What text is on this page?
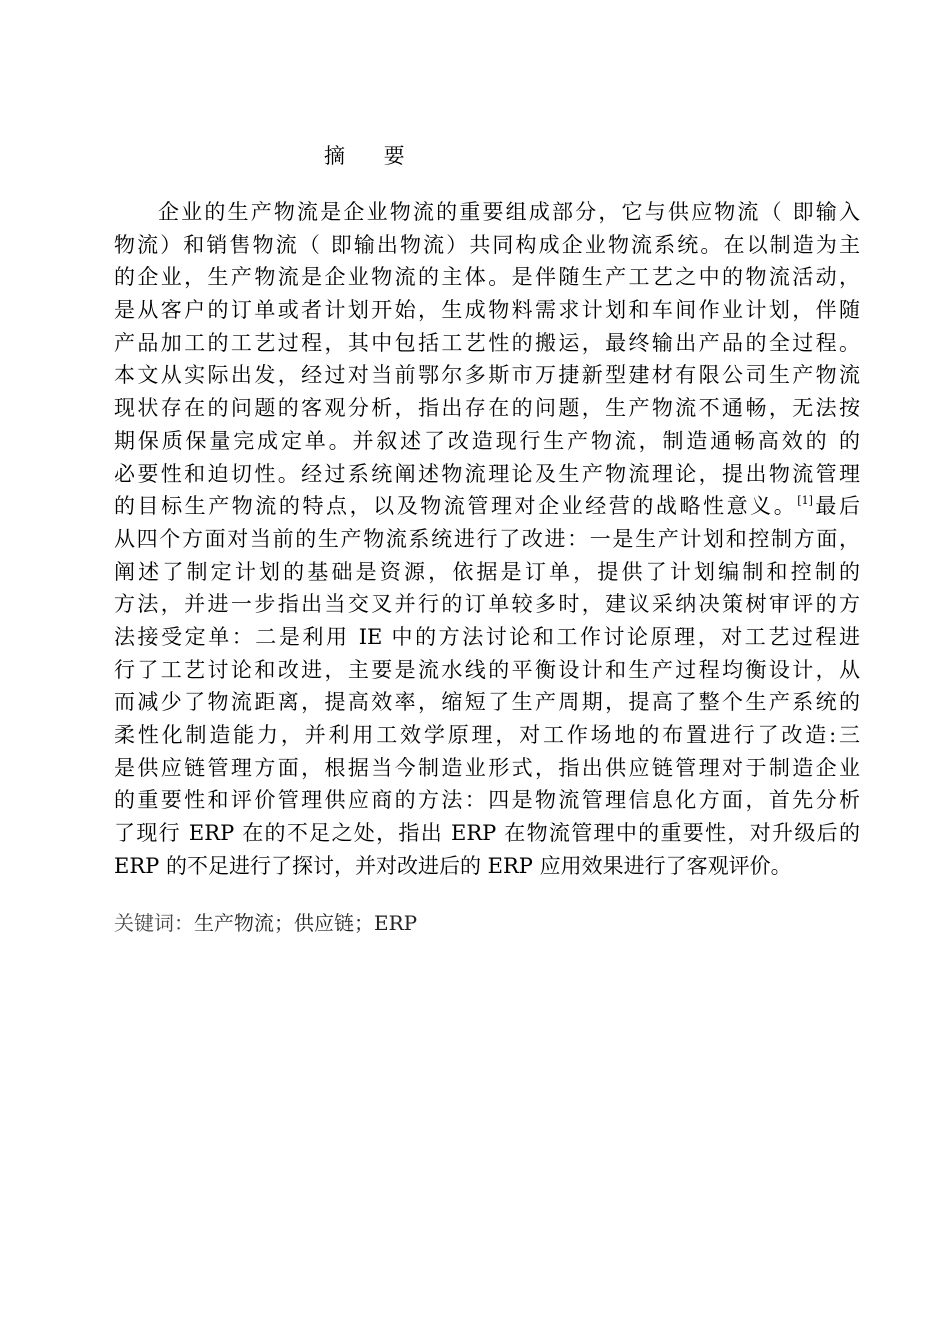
摘 要
企业的生产物流是企业物流的重要组成部分，它与供应物流（ 即输入
物流）和销售物流（ 即输出物流）共同构成企业物流系统。在以制造为主
的企业，生产物流是企业物流的主体。是伴随生产工艺之中的物流活动，
是从客户的订单或者计划开始，生成物料需求计划和车间作业计划，伴随
产品加工的工艺过程，其中包括工艺性的搬运，最终输出产品的全过程。
本文从实际出发，经过对当前鄂尔多斯市万捷新型建材有限公司生产物流
现状存在的问题的客观分析，指出存在的问题，生产物流不通畅，无法按
期保质保量完成定单。并叙述了改造现行生产物流，制造通畅高效的 的
必要性和迫切性。经过系统阐述物流理论及生产物流理论，提出物流管理
的目标生产物流的特点，以及物流管理对企业经营的战略性意义。[1]最后
从四个方面对当前的生产物流系统进行了改进：一是生产计划和控制方面，
阐述了制定计划的基础是资源，依据是订单，提供了计划编制和控制的
方法，并进一步指出当交叉并行的订单较多时，建议采纳决策树审评的方
法接受定单：二是利用 IE 中的方法讨论和工作讨论原理，对工艺过程进
行了工艺讨论和改进，主要是流水线的平衡设计和生产过程均衡设计，从
而减少了物流距离，提高效率，缩短了生产周期，提高了整个生产系统的
柔性化制造能力，并利用工效学原理，对工作场地的布置进行了改造:三
是供应链管理方面，根据当今制造业形式，指出供应链管理对于制造企业
的重要性和评价管理供应商的方法：四是物流管理信息化方面，首先分析
了现行 ERP 在的不足之处，指出 ERP 在物流管理中的重要性，对升级后的
ERP 的不足进行了探讨，并对改进后的 ERP 应用效果进行了客观评价。
关键词：生产物流；供应链；ERP
